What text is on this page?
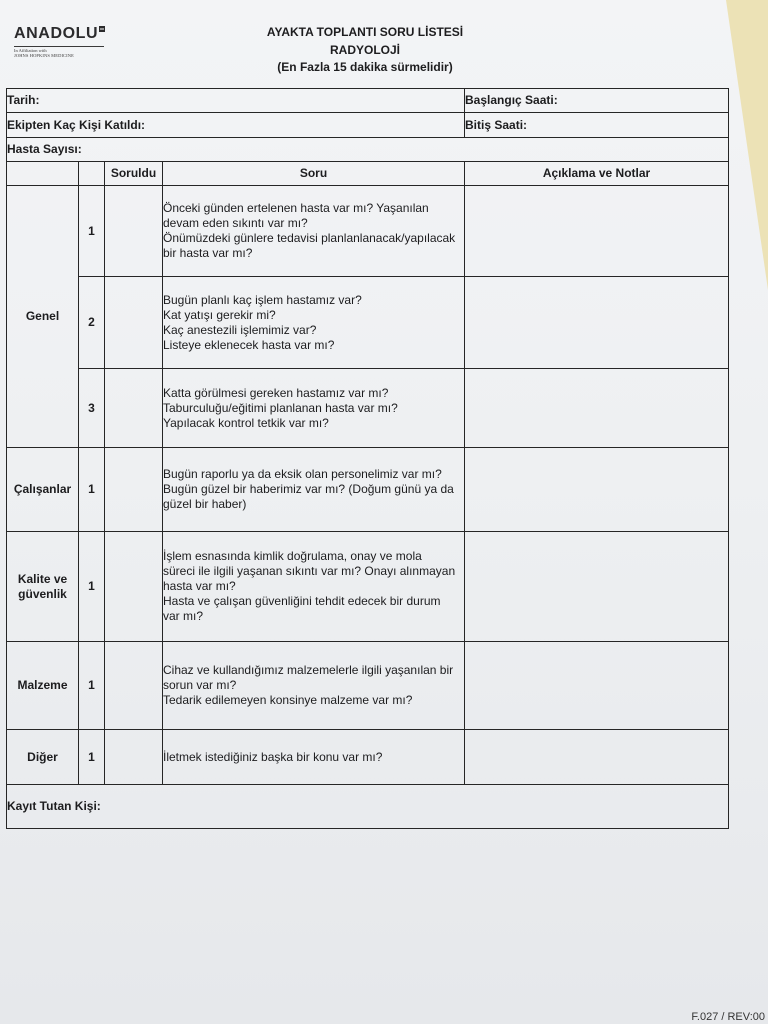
ANADOLU
In Affiliation with
JOHNS HOPKINS MEDICINE
AYAKTA TOPLANTI SORU LİSTESİ
RADYOLOJİ
(En Fazla 15 dakika sürmelidir)
Tarih:				Başlangıç Saati:
Ekipten Kaç Kişi Katıldı:				Bitiş Saati:
Hasta Sayısı:				
		Soruldu	Soru	Açıklama ve Notlar
Genel	1		Önceki günden ertelenen hasta var mı? Yaşanılan
devam eden sıkıntı var mı?
Önümüzdeki günlere tedavisi planlanlanacak/yapılacak
bir hasta var mı?	

	2		Bugün planlı kaç işlem hastamız var?
Kat yatışı gerekir mi?
Kaç anestezili işlemimiz var?
Listeye eklenecek hasta var mı?	

	3		Katta görülmesi gereken hastamız var mı?
Taburculuğu/eğitimi planlanan hasta var mı?
Yapılacak kontrol tetkik var mı?	

Çalışanlar	1		Bugün raporlu ya da eksik olan personelimiz var mı?
Bugün güzel bir haberimiz var mı? (Doğum günü ya da
güzel bir haber)	

Kalite ve güvenlik	1		İşlem esnasında kimlik doğrulama, onay ve mola
süreci ile ilgili yaşanan sıkıntı var mı? Onayı alınmayan
hasta var mı?
Hasta ve çalışan güvenliğini tehdit edecek bir durum
var mı?	

Malzeme	1		Cihaz ve kullandığımız malzemelerle ilgili yaşanılan bir
sorun var mı?
Tedarik edilemeyen konsinye malzeme var mı?	

Diğer	1		İletmek istediğiniz başka bir konu var mı?	

Kayıt Tutan Kişi:				
F.027 / REV:00
